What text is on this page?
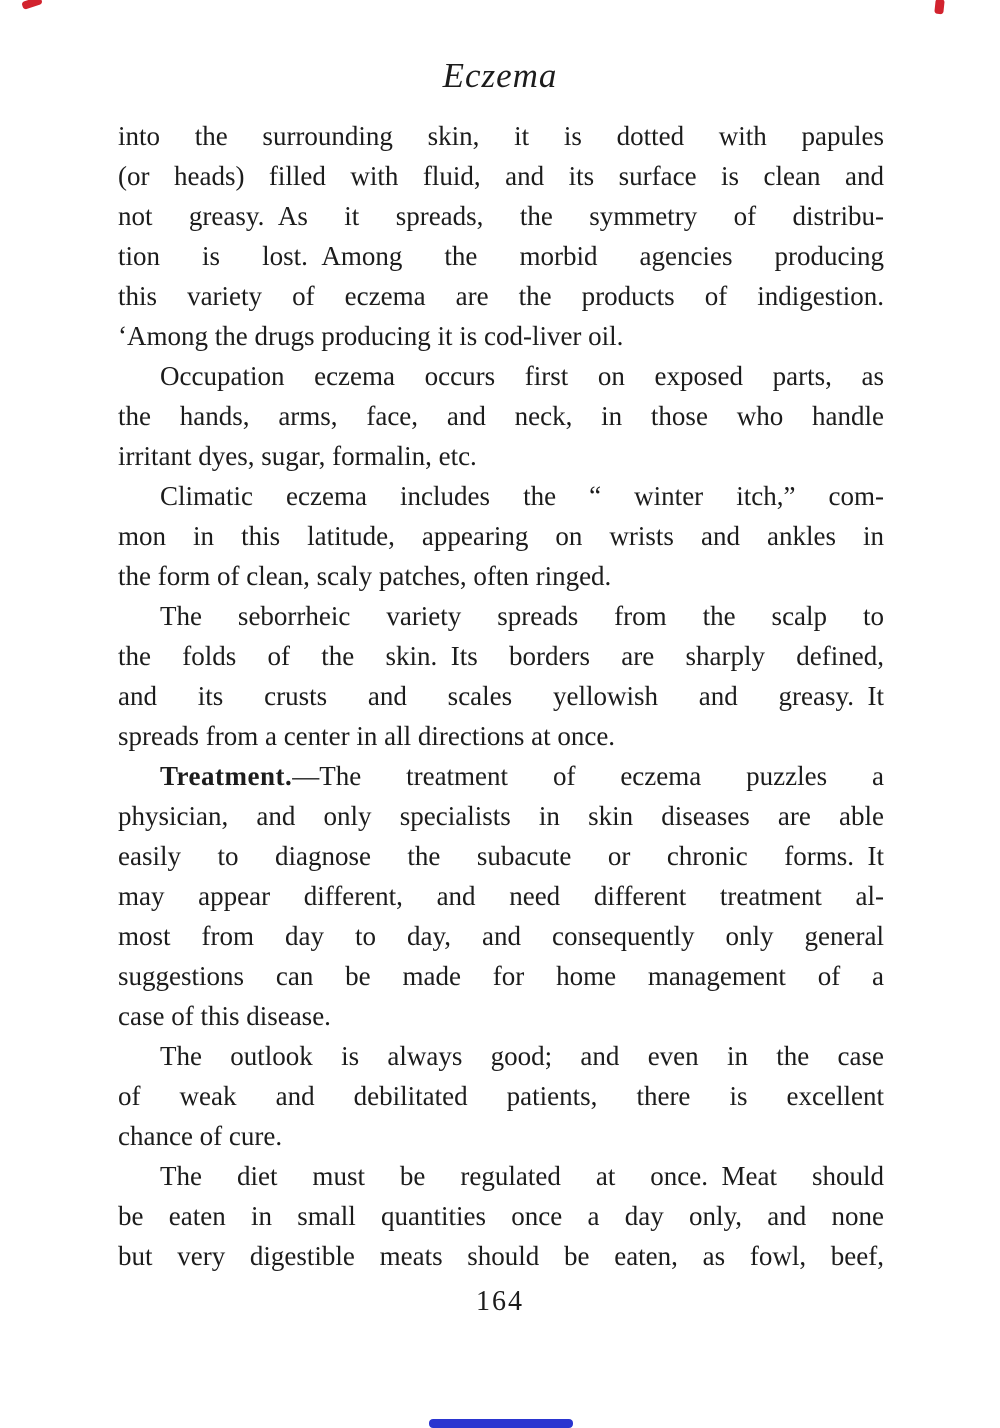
Eczema
into the surrounding skin, it is dotted with papules
(or heads) filled with fluid, and its surface is clean and
not greasy. As it spreads, the symmetry of distribu-
tion is lost. Among the morbid agencies producing
this variety of eczema are the products of indigestion.
‘Among the drugs producing it is cod-liver oil.
Occupation eczema occurs first on exposed parts, as
the hands, arms, face, and neck, in those who handle
irritant dyes, sugar, formalin, etc.
Climatic eczema includes the “ winter itch,” com-
mon in this latitude, appearing on wrists and ankles in
the form of clean, scaly patches, often ringed.
The seborrheic variety spreads from the scalp to
the folds of the skin. Its borders are sharply defined,
and its crusts and scales yellowish and greasy. It
spreads from a center in all directions at once.
Treatment.—The treatment of eczema puzzles a
physician, and only specialists in skin diseases are able
easily to diagnose the subacute or chronic forms. It
may appear different, and need different treatment al-
most from day to day, and consequently only general
suggestions can be made for home management of a
case of this disease.
The outlook is always good; and even in the case
of weak and debilitated patients, there is excellent
chance of cure.
The diet must be regulated at once. Meat should
be eaten in small quantities once a day only, and none
but very digestible meats should be eaten, as fowl, beef,
164
